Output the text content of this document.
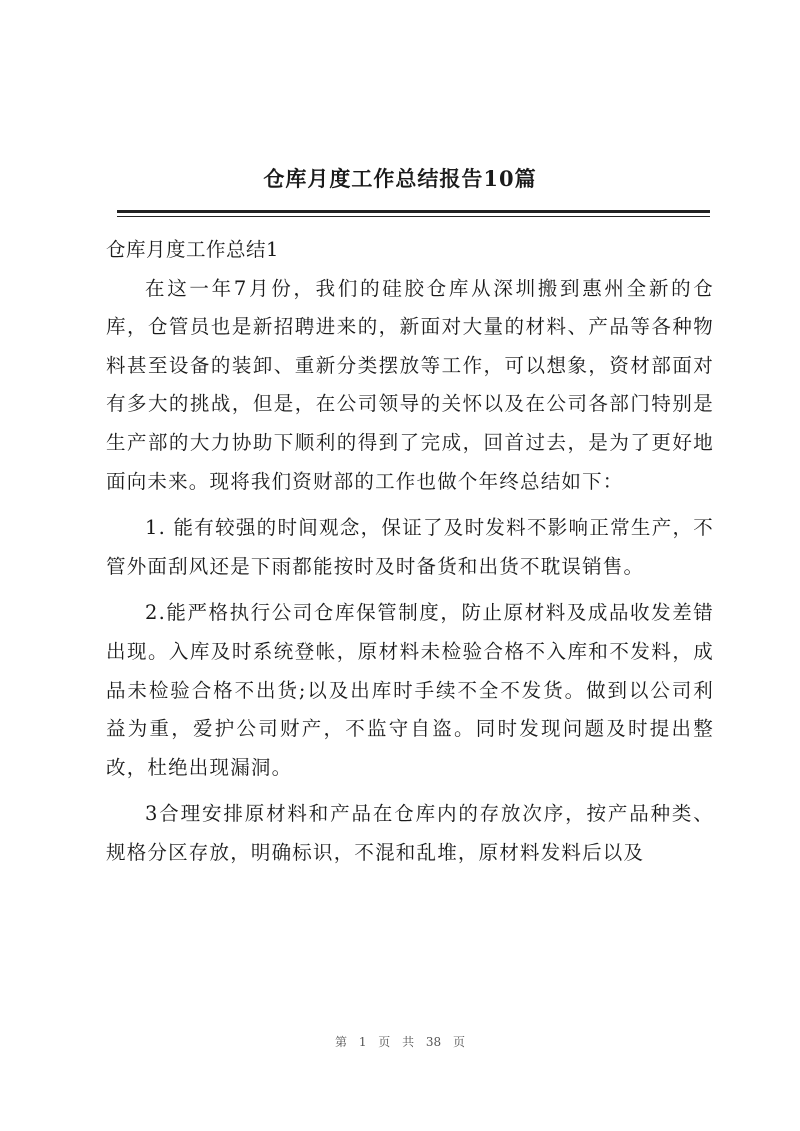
仓库月度工作总结报告10篇

仓库月度工作总结1

在这一年7月份，我们的硅胶仓库从深圳搬到惠州全新的仓库，仓管员也是新招聘进来的，新面对大量的材料、产品等各种物料甚至设备的装卸、重新分类摆放等工作，可以想象，资材部面对有多大的挑战，但是，在公司领导的关怀以及在公司各部门特别是生产部的大力协助下顺利的得到了完成，回首过去，是为了更好地面向未来。现将我们资财部的工作也做个年终总结如下：

1. 能有较强的时间观念，保证了及时发料不影响正常生产，不管外面刮风还是下雨都能按时及时备货和出货不耽误销售。

2.能严格执行公司仓库保管制度，防止原材料及成品收发差错出现。入库及时系统登帐，原材料未检验合格不入库和不发料，成品未检验合格不出货;以及出库时手续不全不发货。做到以公司利益为重，爱护公司财产，不监守自盗。同时发现问题及时提出整改，杜绝出现漏洞。

3合理安排原材料和产品在仓库内的存放次序，按产品种类、规格分区存放，明确标识，不混和乱堆，原材料发料后以及

第 1 页 共 38 页
